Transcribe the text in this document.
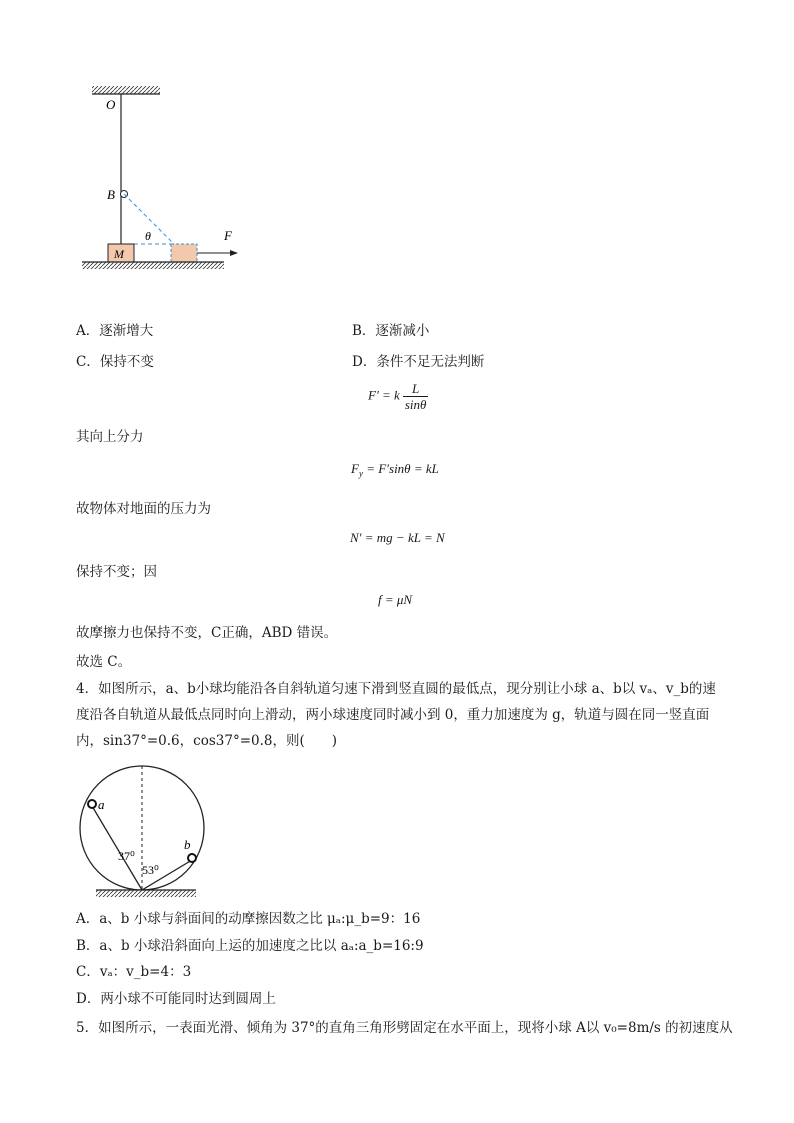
O
B
θ
M
F
A．逐渐增大	B．逐渐减小
C．保持不变	D．条件不足无法判断
F′ = k $\frac{L}{\sin\theta}$
其向上分力
$F_y = F'\sin\theta$ = kL
故物体对地面的压力为
N′ = mg − kL = N
保持不变；因
f = μN
故摩擦力也保持不变，C正确，ABD 错误。
故选 C。
4．如图所示，a、b小球均能沿各自斜轨道匀速下滑到竖直圆的最低点，现分别让小球 a、b以 vₐ、v_b的速度沿各自轨道从最低点同时向上滑动，两小球速度同时减小到 0，重力加速度为 g，轨道与圆在同一竖直面内，sin37°=0.6，cos37°=0.8，则(　　)
a
b
37⁰
53⁰
A．a、b 小球与斜面间的动摩擦因数之比 μₐ:μ_b=9：16
B．a、b 小球沿斜面向上运的加速度之比以 aₐ:a_b=16:9
C．vₐ：v_b=4：3
D．两小球不可能同时达到圆周上
5．如图所示，一表面光滑、倾角为 37°的直角三角形劈固定在水平面上，现将小球 A以 v₀=8m/s 的初速度从
